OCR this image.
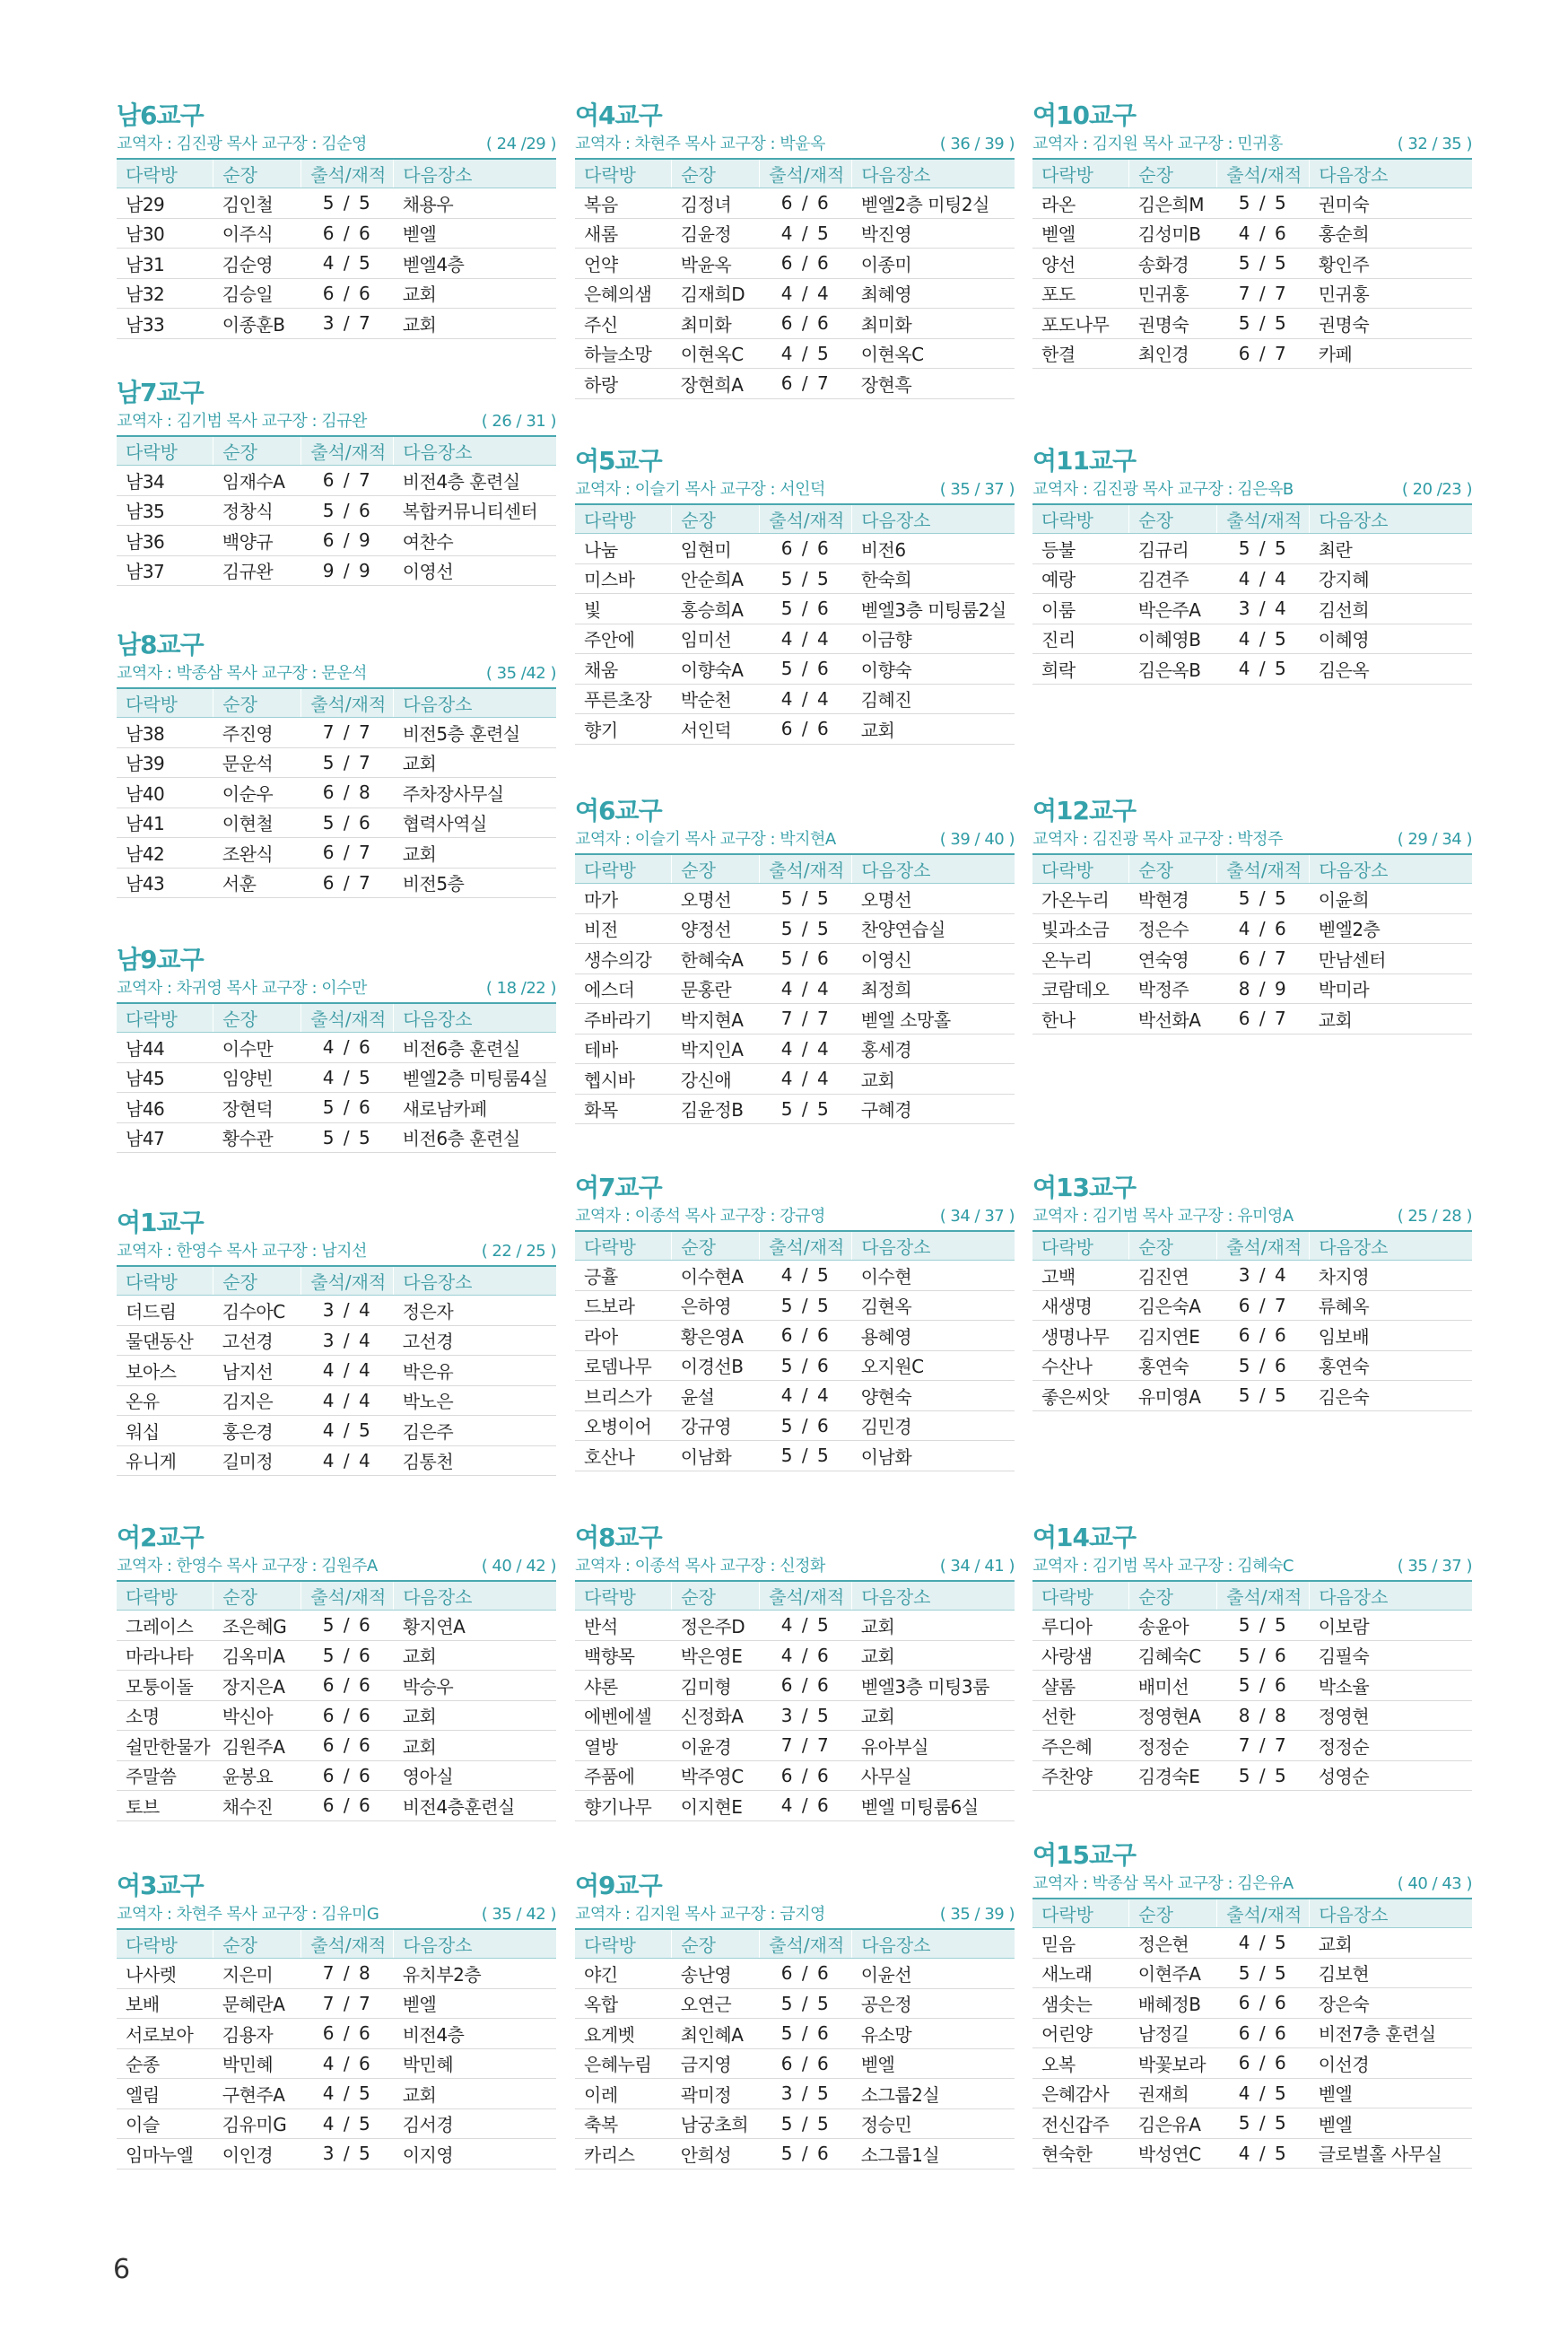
남6교구
교역자 : 김진광 목사 교구장 : 김순영	( 24 /29 )
다락방	순장	출석/재적	다음장소
남29	김인철	5 / 5	채용우
남30	이주식	6 / 6	벧엘
남31	김순영	4 / 5	벧엘4층
남32	김승일	6 / 6	교회
남33	이종훈B	3 / 7	교회
남7교구
교역자 : 김기범 목사 교구장 : 김규완	( 26 / 31 )
다락방	순장	출석/재적	다음장소
남34	임재수A	6 / 7	비전4층 훈련실
남35	정창식	5 / 6	복합커뮤니티센터
남36	백양규	6 / 9	여찬수
남37	김규완	9 / 9	이영선
남8교구
교역자 : 박종삼 목사 교구장 : 문운석	( 35 /42 )
다락방	순장	출석/재적	다음장소
남38	주진영	7 / 7	비전5층 훈련실
남39	문운석	5 / 7	교회
남40	이순우	6 / 8	주차장사무실
남41	이현철	5 / 6	협력사역실
남42	조완식	6 / 7	교회
남43	서훈	6 / 7	비전5층
남9교구
교역자 : 차귀영 목사 교구장 : 이수만	( 18 /22 )
다락방	순장	출석/재적	다음장소
남44	이수만	4 / 6	비전6층 훈련실
남45	임양빈	4 / 5	벧엘2층 미팅룸4실
남46	장현덕	5 / 6	새로남카페
남47	황수관	5 / 5	비전6층 훈련실
여1교구
교역자 : 한영수 목사 교구장 : 남지선	( 22 / 25 )
다락방	순장	출석/재적	다음장소
더드림	김수아C	3 / 4	정은자
물댄동산	고선경	3 / 4	고선경
보아스	남지선	4 / 4	박은유
온유	김지은	4 / 4	박노은
워십	홍은경	4 / 5	김은주
유니게	길미정	4 / 4	김통천
여2교구
교역자 : 한영수 목사 교구장 : 김원주A	( 40 / 42 )
다락방	순장	출석/재적	다음장소
그레이스	조은혜G	5 / 6	황지연A
마라나타	김옥미A	5 / 6	교회
모퉁이돌	장지은A	6 / 6	박승우
소명	박신아	6 / 6	교회
쉴만한물가	김원주A	6 / 6	교회
주말씀	윤봉요	6 / 6	영아실
토브	채수진	6 / 6	비전4층훈련실
여3교구
교역자 : 차현주 목사 교구장 : 김유미G	( 35 / 42 )
다락방	순장	출석/재적	다음장소
나사렛	지은미	7 / 8	유치부2층
보배	문혜란A	7 / 7	벧엘
서로보아	김용자	6 / 6	비전4층
순종	박민혜	4 / 6	박민혜
엘림	구현주A	4 / 5	교회
이슬	김유미G	4 / 5	김서경
임마누엘	이인경	3 / 5	이지영
여4교구
교역자 : 차현주 목사 교구장 : 박윤옥	( 36 / 39 )
다락방	순장	출석/재적	다음장소
복음	김정녀	6 / 6	벧엘2층 미팅2실
새롬	김윤정	4 / 5	박진영
언약	박윤옥	6 / 6	이종미
은혜의샘	김재희D	4 / 4	최혜영
주신	최미화	6 / 6	최미화
하늘소망	이현옥C	4 / 5	이현옥C
하랑	장현희A	6 / 7	장현흑
여5교구
교역자 : 이슬기 목사 교구장 : 서인덕	( 35 / 37 )
다락방	순장	출석/재적	다음장소
나눔	임현미	6 / 6	비전6
미스바	안순희A	5 / 5	한숙희
빛	홍승희A	5 / 6	벧엘3층 미팅룸2실
주안에	임미선	4 / 4	이금향
채움	이향숙A	5 / 6	이향숙
푸른초장	박순천	4 / 4	김혜진
향기	서인덕	6 / 6	교회
여6교구
교역자 : 이슬기 목사 교구장 : 박지현A	( 39 / 40 )
다락방	순장	출석/재적	다음장소
마가	오명선	5 / 5	오명선
비전	양정선	5 / 5	찬양연습실
생수의강	한혜숙A	5 / 6	이영신
에스더	문홍란	4 / 4	최정희
주바라기	박지현A	7 / 7	벧엘 소망홀
테바	박지인A	4 / 4	홍세경
헵시바	강신애	4 / 4	교회
화목	김윤정B	5 / 5	구혜경
여7교구
교역자 : 이종석 목사 교구장 : 강규영	( 34 / 37 )
다락방	순장	출석/재적	다음장소
긍휼	이수현A	4 / 5	이수현
드보라	은하영	5 / 5	김현옥
라아	황은영A	6 / 6	용혜영
로뎀나무	이경선B	5 / 6	오지원C
브리스가	윤설	4 / 4	양현숙
오병이어	강규영	5 / 6	김민경
호산나	이남화	5 / 5	이남화
여8교구
교역자 : 이종석 목사 교구장 : 신정화	( 34 / 41 )
다락방	순장	출석/재적	다음장소
반석	정은주D	4 / 5	교회
백향목	박은영E	4 / 6	교회
샤론	김미형	6 / 6	벧엘3층 미팅3룸
에벤에셀	신정화A	3 / 5	교회
열방	이윤경	7 / 7	유아부실
주품에	박주영C	6 / 6	사무실
향기나무	이지현E	4 / 6	벧엘 미팅룸6실
여9교구
교역자 : 김지원 목사 교구장 : 금지영	( 35 / 39 )
다락방	순장	출석/재적	다음장소
야긴	송난영	6 / 6	이윤선
옥합	오연근	5 / 5	공은정
요게벳	최인혜A	5 / 6	유소망
은혜누림	금지영	6 / 6	벧엘
이레	곽미정	3 / 5	소그룹2실
축복	남궁초희	5 / 5	정승민
카리스	안희성	5 / 6	소그룹1실
여10교구
교역자 : 김지원 목사 교구장 : 민귀홍	( 32 / 35 )
다락방	순장	출석/재적	다음장소
라온	김은희M	5 / 5	권미숙
벧엘	김성미B	4 / 6	홍순희
양선	송화경	5 / 5	황인주
포도	민귀홍	7 / 7	민귀홍
포도나무	권명숙	5 / 5	권명숙
한결	최인경	6 / 7	카페
여11교구
교역자 : 김진광 목사 교구장 : 김은옥B	( 20 /23 )
다락방	순장	출석/재적	다음장소
등불	김규리	5 / 5	최란
예랑	김견주	4 / 4	강지혜
이룸	박은주A	3 / 4	김선희
진리	이혜영B	4 / 5	이혜영
희락	김은옥B	4 / 5	김은옥
여12교구
교역자 : 김진광 목사 교구장 : 박정주	( 29 / 34 )
다락방	순장	출석/재적	다음장소
가온누리	박현경	5 / 5	이윤희
빛과소금	정은수	4 / 6	벧엘2층
온누리	연숙영	6 / 7	만남센터
코람데오	박정주	8 / 9	박미라
한나	박선화A	6 / 7	교회
여13교구
교역자 : 김기범 목사 교구장 : 유미영A	( 25 / 28 )
다락방	순장	출석/재적	다음장소
고백	김진연	3 / 4	차지영
새생명	김은숙A	6 / 7	류혜옥
생명나무	김지연E	6 / 6	임보배
수산나	홍연숙	5 / 6	홍연숙
좋은씨앗	유미영A	5 / 5	김은숙
여14교구
교역자 : 김기범 목사 교구장 : 김혜숙C	( 35 / 37 )
다락방	순장	출석/재적	다음장소
루디아	송윤아	5 / 5	이보람
사랑샘	김혜숙C	5 / 6	김필숙
샬롬	배미선	5 / 6	박소율
선한	정영현A	8 / 8	정영현
주은혜	정정순	7 / 7	정정순
주찬양	김경숙E	5 / 5	성영순
여15교구
교역자 : 박종삼 목사 교구장 : 김은유A	( 40 / 43 )
다락방	순장	출석/재적	다음장소
믿음	정은현	4 / 5	교회
새노래	이현주A	5 / 5	김보현
샘솟는	배혜정B	6 / 6	장은숙
어린양	남정길	6 / 6	비전7층 훈련실
오복	박꽃보라	6 / 6	이선경
은혜감사	권재희	4 / 5	벧엘
전신갑주	김은유A	5 / 5	벧엘
현숙한	박성연C	4 / 5	글로벌홀 사무실
6
